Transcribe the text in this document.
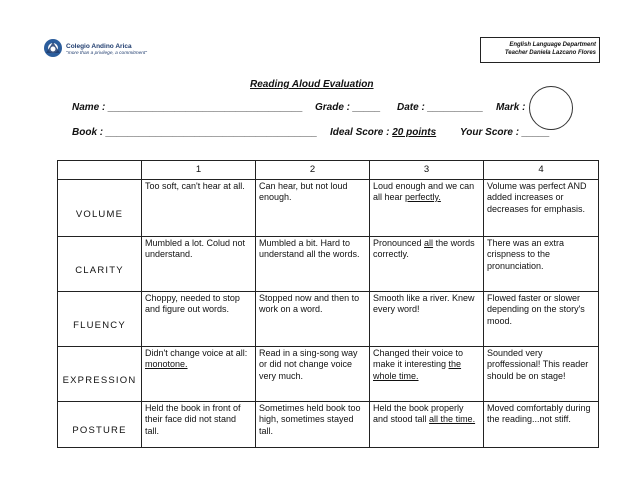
Colegio Andino Arica
"more than a privilege, a commitment"
English Language Department
Teacher Daniela Lazcano Flores
Reading Aloud Evaluation
Name : ___________________________________ Grade : _____ Date : __________ Mark :
Book : ______________________________________ Ideal Score : 20 points Your Score : _____
	1	2	3	4
VOLUME	Too soft, can't hear at all.	Can hear, but not loud enough.	Loud enough and we can all hear perfectly.	Volume was perfect AND added increases or decreases for emphasis.
CLARITY	Mumbled a lot. Colud not understand.	Mumbled a bit. Hard to understand all the words.	Pronounced all the words correctly.	There was an extra crispness to the pronunciation.
FLUENCY	Choppy, needed to stop and figure out words.	Stopped now and then to work on a word.	Smooth like a river. Knew every word!	Flowed faster or slower depending on the story's mood.
EXPRESSION	Didn't change voice at all: monotone.	Read in a sing-song way or did not change voice very much.	Changed their voice to make it interesting the whole time.	Sounded very proffessional! This reader should be on stage!
POSTURE	Held the book in front of their face did not stand tall.	Sometimes held book too high, sometimes stayed tall.	Held the book properly and stood tall all the time.	Moved comfortably during the reading...not stiff.
